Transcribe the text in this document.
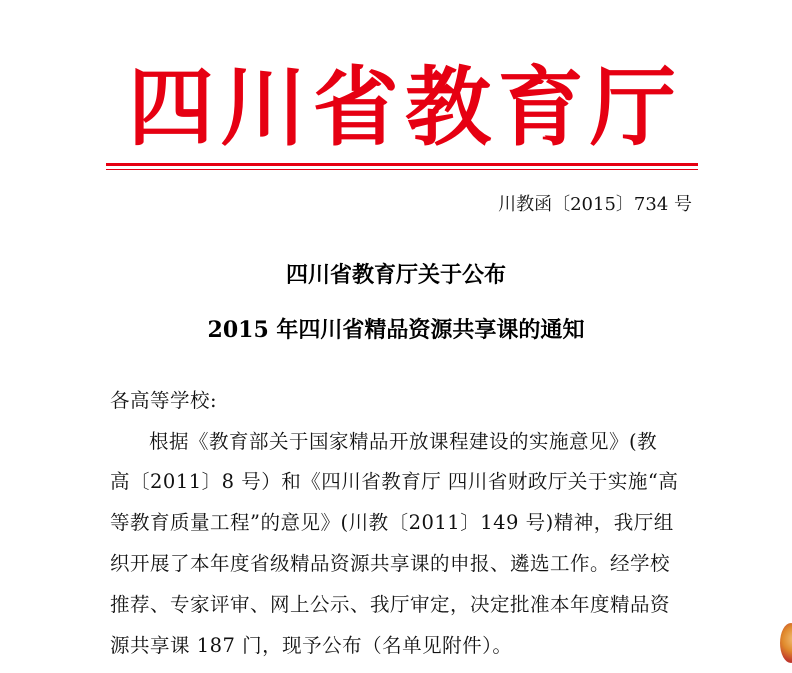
四 川 省 教 育 厅
川教函〔2015〕734 号
四川省教育厅关于公布
2015 年四川省精品资源共享课的通知
各高等学校:
根据《教育部关于国家精品开放课程建设的实施意见》(教
高〔2011〕8 号）和《四川省教育厅 四川省财政厅关于实施“高
等教育质量工程”的意见》(川教〔2011〕149 号)精神，我厅组
织开展了本年度省级精品资源共享课的申报、遴选工作。经学校
推荐、专家评审、网上公示、我厅审定，决定批准本年度精品资
源共享课 187 门，现予公布（名单见附件）。
